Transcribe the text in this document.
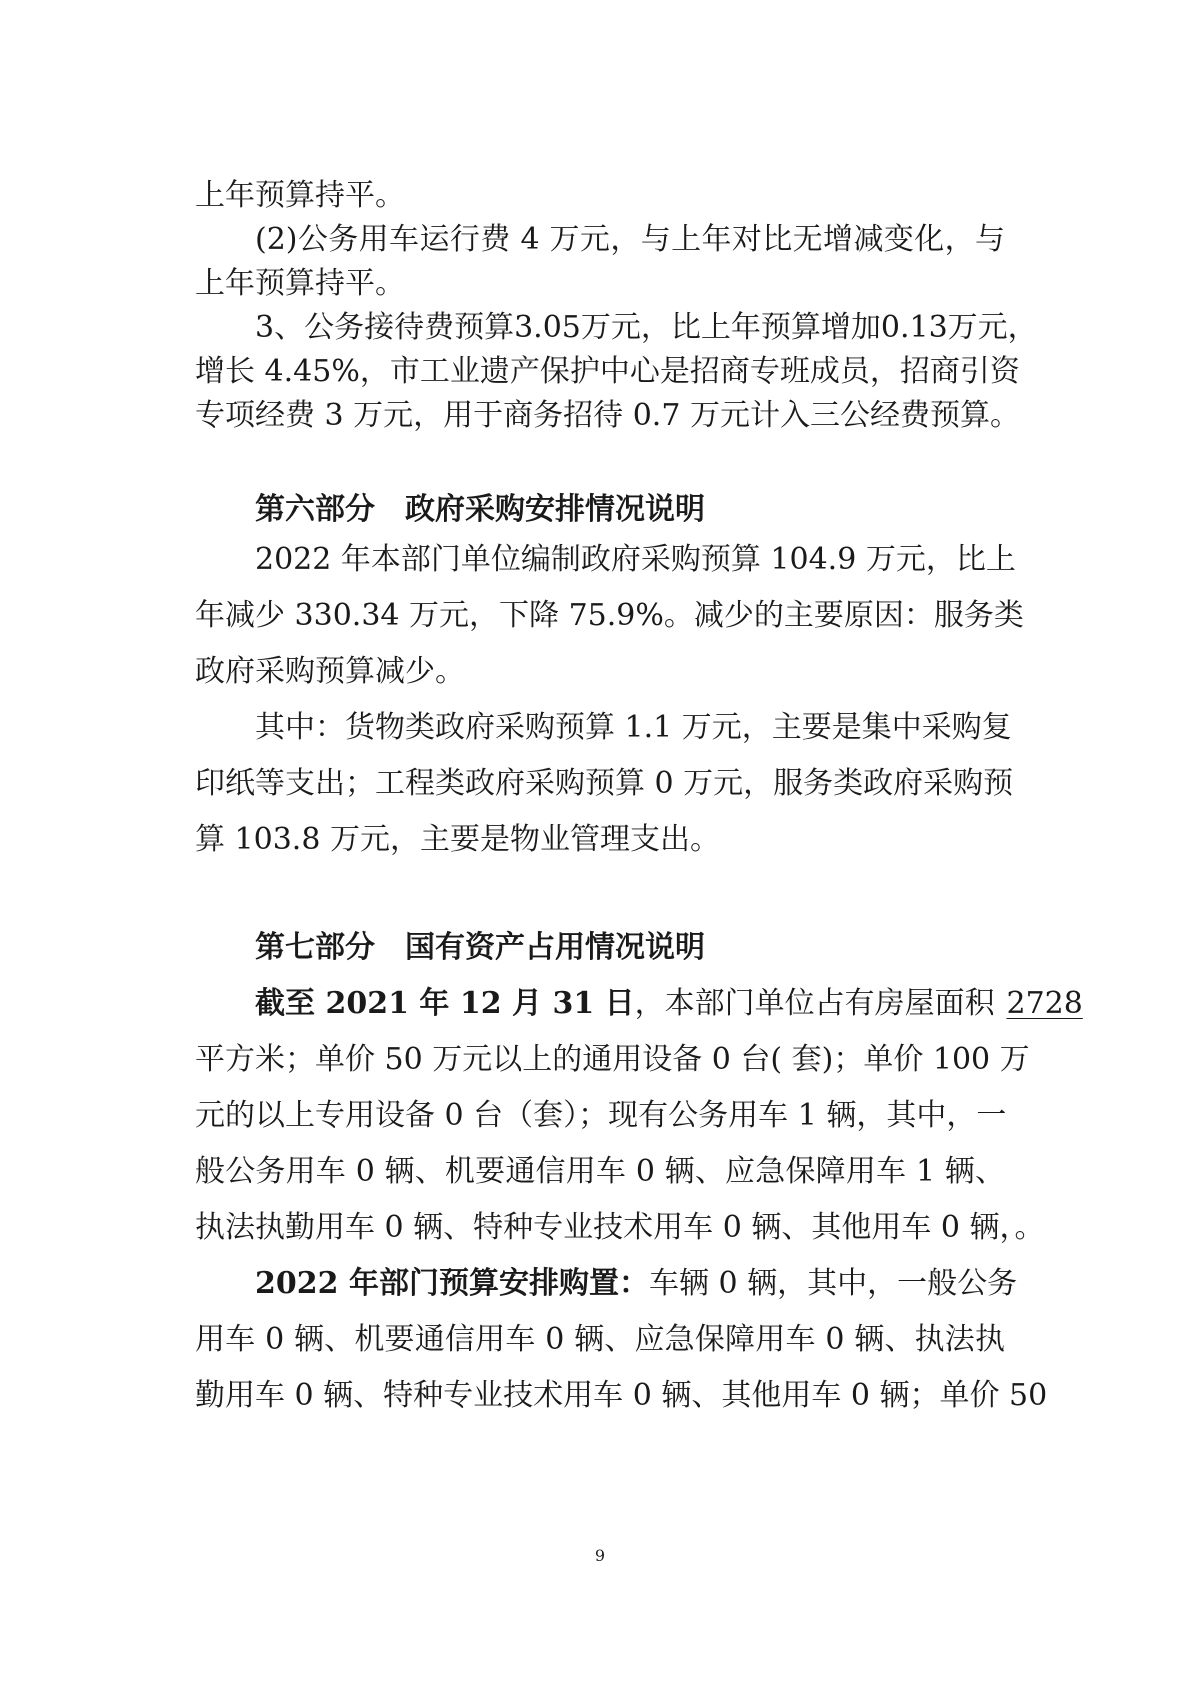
上年预算持平。
(2)公务用车运行费 4 万元，与上年对比无增减变化，与
上年预算持平。
3、公务接待费预算3.05万元，比上年预算增加0.13万元，
增长 4.45%，市工业遗产保护中心是招商专班成员，招商引资
专项经费 3 万元，用于商务招待 0.7 万元计入三公经费预算。
第六部分 政府采购安排情况说明
2022 年本部门单位编制政府采购预算 104.9 万元，比上
年减少 330.34 万元，下降 75.9%。减少的主要原因：服务类
政府采购预算减少。
其中：货物类政府采购预算 1.1 万元，主要是集中采购复
印纸等支出；工程类政府采购预算 0 万元，服务类政府采购预
算 103.8 万元，主要是物业管理支出。
第七部分 国有资产占用情况说明
截至 2021 年 12 月 31 日，本部门单位占有房屋面积 2728
平方米；单价 50 万元以上的通用设备 0 台( 套)；单价 100 万
元的以上专用设备 0 台（套）；现有公务用车 1 辆，其中，一
般公务用车 0 辆、机要通信用车 0 辆、应急保障用车 1 辆、
执法执勤用车 0 辆、特种专业技术用车 0 辆、其他用车 0 辆，。
2022 年部门预算安排购置：车辆 0 辆，其中，一般公务
用车 0 辆、机要通信用车 0 辆、应急保障用车 0 辆、执法执
勤用车 0 辆、特种专业技术用车 0 辆、其他用车 0 辆；单价 50
9
